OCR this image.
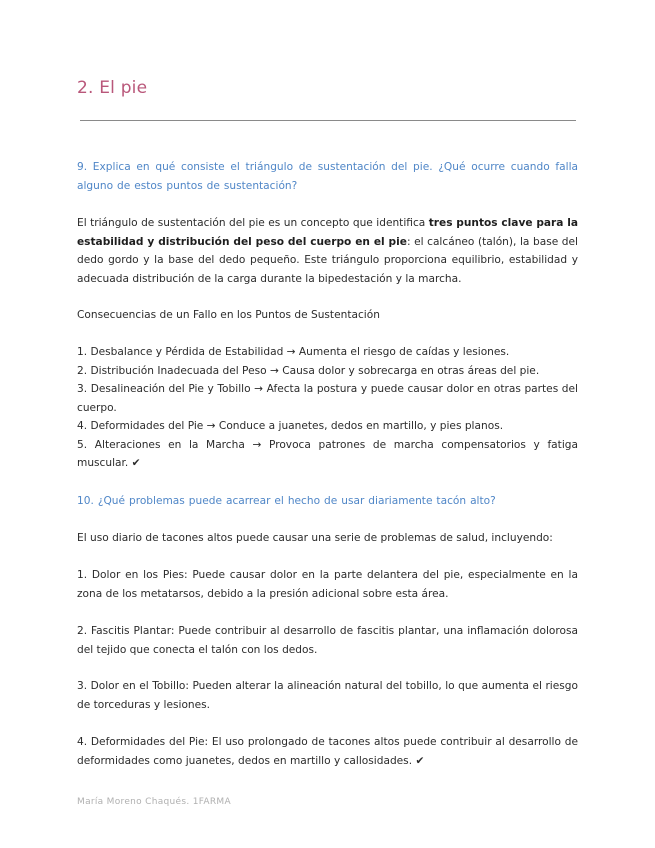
2. El pie

9. Explica en qué consiste el triángulo de sustentación del pie. ¿Qué ocurre cuando falla alguno de estos puntos de sustentación?

El triángulo de sustentación del pie es un concepto que identifica tres puntos clave para la estabilidad y distribución del peso del cuerpo en el pie: el calcáneo (talón), la base del dedo gordo y la base del dedo pequeño. Este triángulo proporciona equilibrio, estabilidad y adecuada distribución de la carga durante la bipedestación y la marcha.

Consecuencias de un Fallo en los Puntos de Sustentación

1. Desbalance y Pérdida de Estabilidad → Aumenta el riesgo de caídas y lesiones.
2. Distribución Inadecuada del Peso → Causa dolor y sobrecarga en otras áreas del pie.
3. Desalineación del Pie y Tobillo → Afecta la postura y puede causar dolor en otras partes del cuerpo.
4. Deformidades del Pie → Conduce a juanetes, dedos en martillo, y pies planos.
5. Alteraciones en la Marcha → Provoca patrones de marcha compensatorios y fatiga muscular. ✔

10. ¿Qué problemas puede acarrear el hecho de usar diariamente tacón alto?

El uso diario de tacones altos puede causar una serie de problemas de salud, incluyendo:

1. Dolor en los Pies: Puede causar dolor en la parte delantera del pie, especialmente en la zona de los metatarsos, debido a la presión adicional sobre esta área.

2. Fascitis Plantar: Puede contribuir al desarrollo de fascitis plantar, una inflamación dolorosa del tejido que conecta el talón con los dedos.

3. Dolor en el Tobillo: Pueden alterar la alineación natural del tobillo, lo que aumenta el riesgo de torceduras y lesiones.

4. Deformidades del Pie: El uso prolongado de tacones altos puede contribuir al desarrollo de deformidades como juanetes, dedos en martillo y callosidades. ✔

María Moreno Chaqués. 1FARMA
